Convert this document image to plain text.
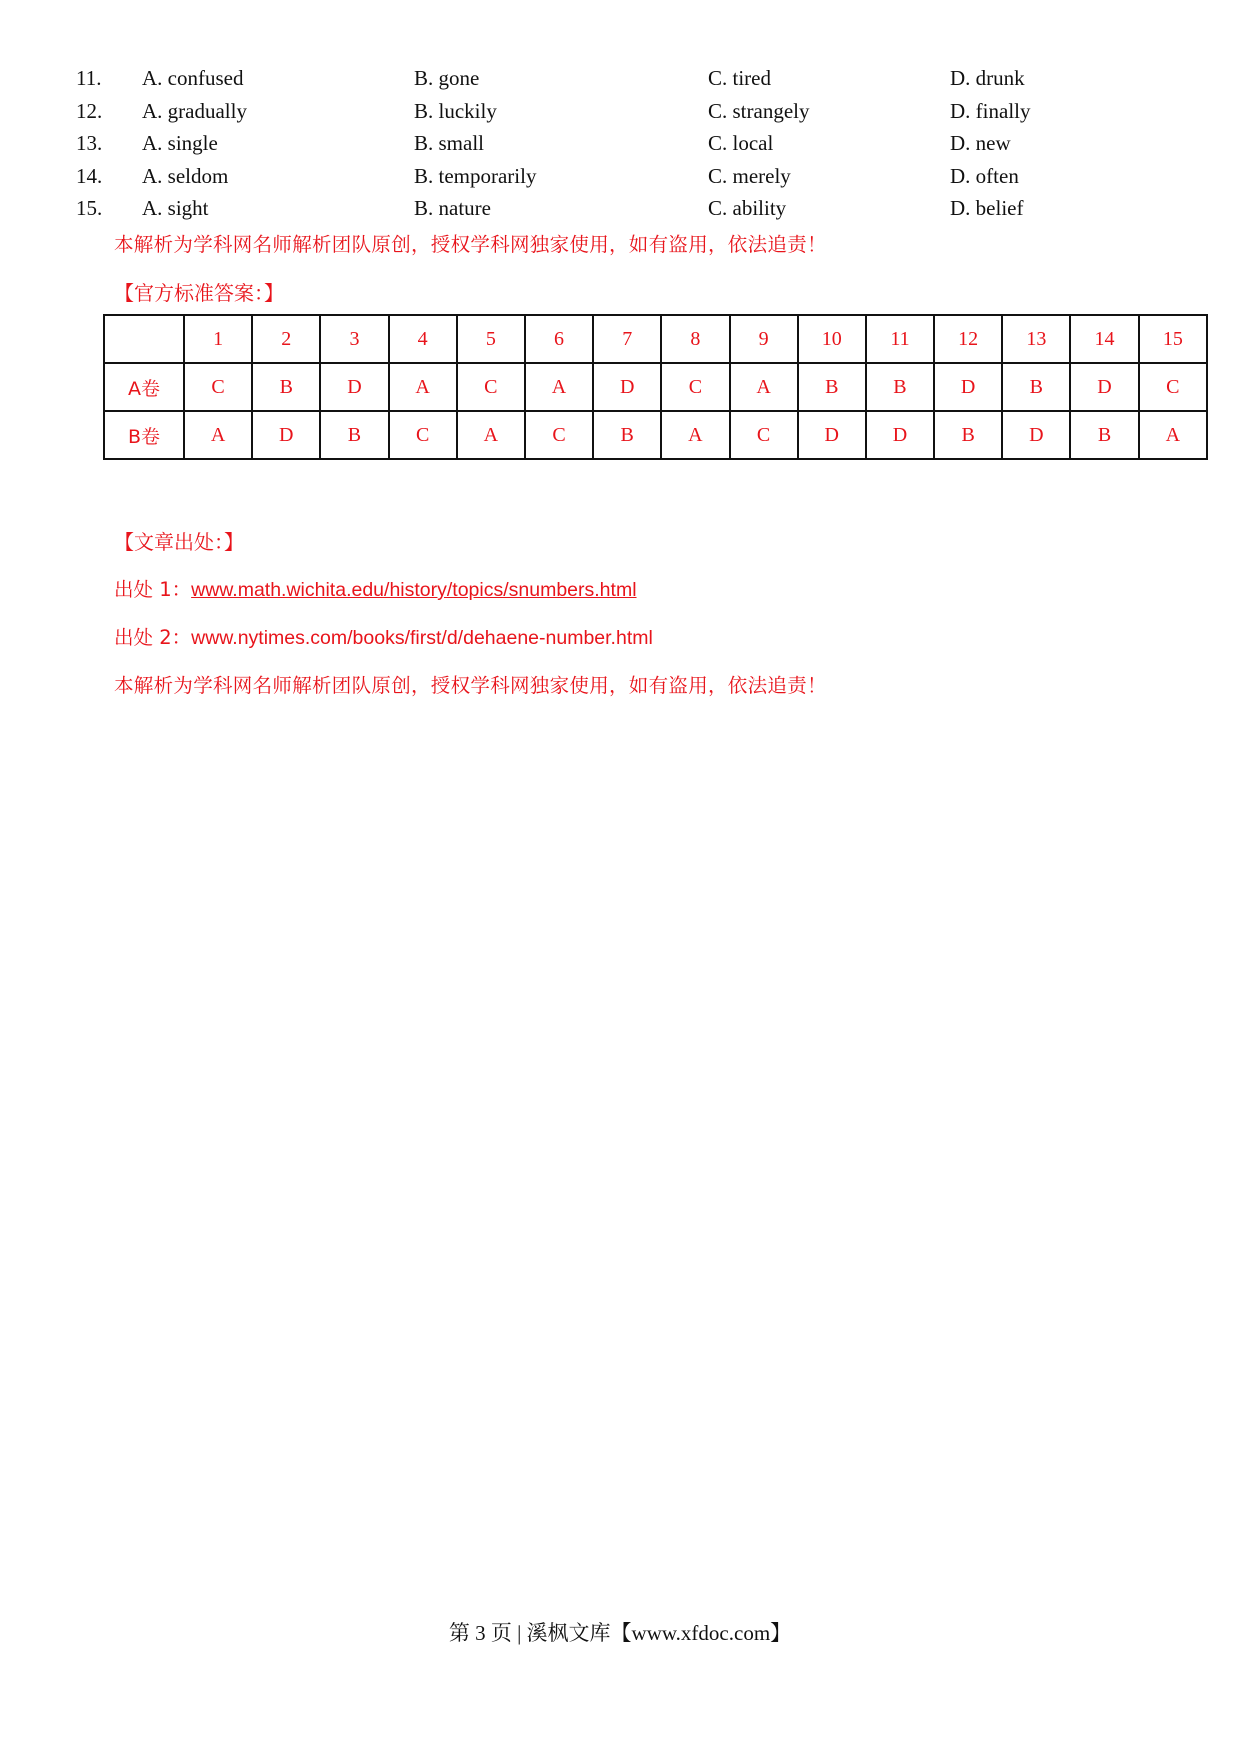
11. A. confused	B. gone	C. tired	D. drunk
12. A. gradually	B. luckily	C. strangely	D. finally
13. A. single	B. small	C. local	D. new
14. A. seldom	B. temporarily	C. merely	D. often
15. A. sight	B. nature	C. ability	D. belief
本解析为学科网名师解析团队原创，授权学科网独家使用，如有盗用，依法追责！
【官方标准答案：】
	1	2	3	4	5	6	7	8	9	10	11	12	13	14	15
A卷	C	B	D	A	C	A	D	C	A	B	B	D	B	D	C
B卷	A	D	B	C	A	C	B	A	C	D	D	B	D	B	A
【文章出处：】
出处 1：www.math.wichita.edu/history/topics/snumbers.html
出处 2：www.nytimes.com/books/first/d/dehaene-number.html
本解析为学科网名师解析团队原创，授权学科网独家使用，如有盗用，依法追责！
第 3 页 | 溪枫文库【www.xfdoc.com】
